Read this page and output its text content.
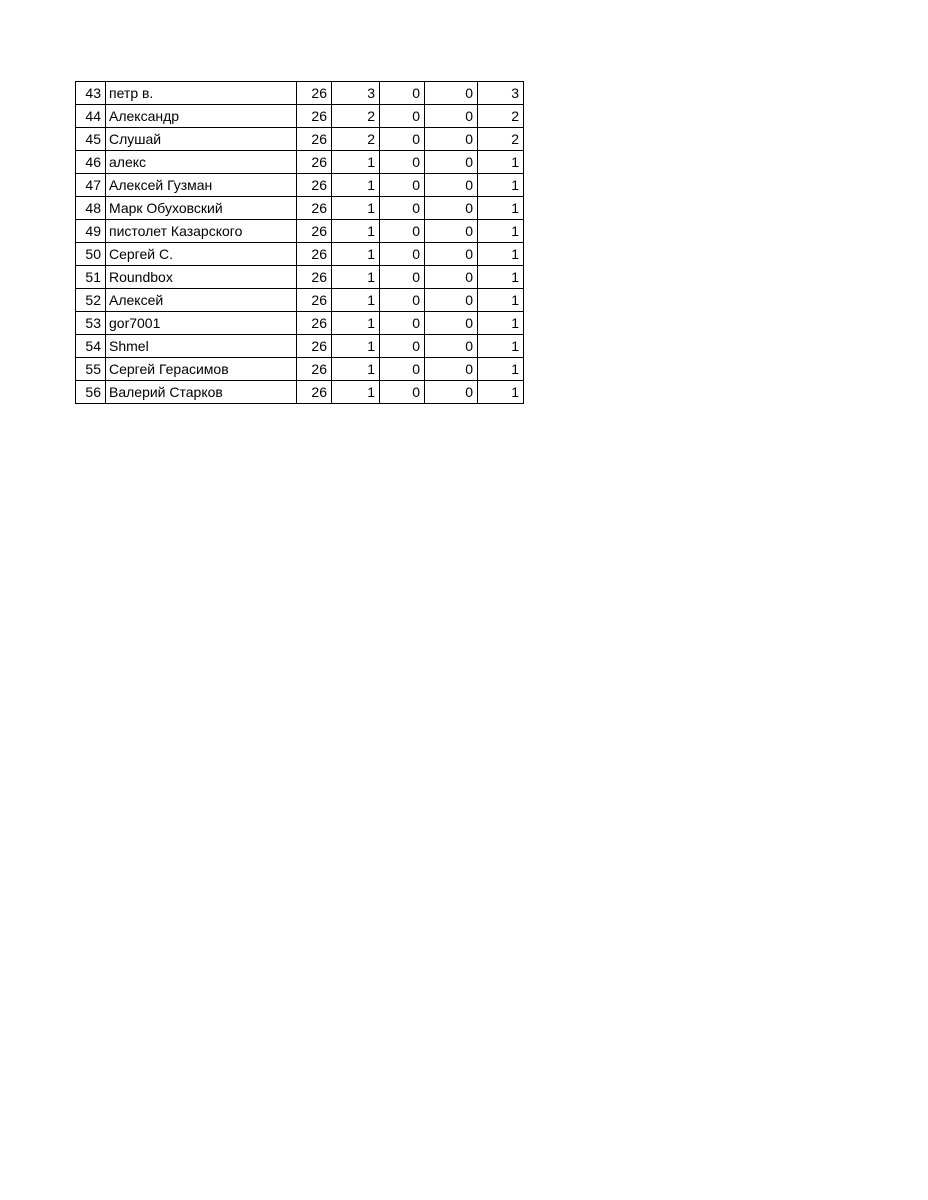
43	петр в.	26	3	0	0	3
44	Александр	26	2	0	0	2
45	Слушай	26	2	0	0	2
46	алекс	26	1	0	0	1
47	Алексей Гузман	26	1	0	0	1
48	Марк Обуховский	26	1	0	0	1
49	пистолет Казарского	26	1	0	0	1
50	Сергей С.	26	1	0	0	1
51	Roundbox	26	1	0	0	1
52	Алексей	26	1	0	0	1
53	gor7001	26	1	0	0	1
54	Shmel	26	1	0	0	1
55	Сергей Герасимов	26	1	0	0	1
56	Валерий Старков	26	1	0	0	1
